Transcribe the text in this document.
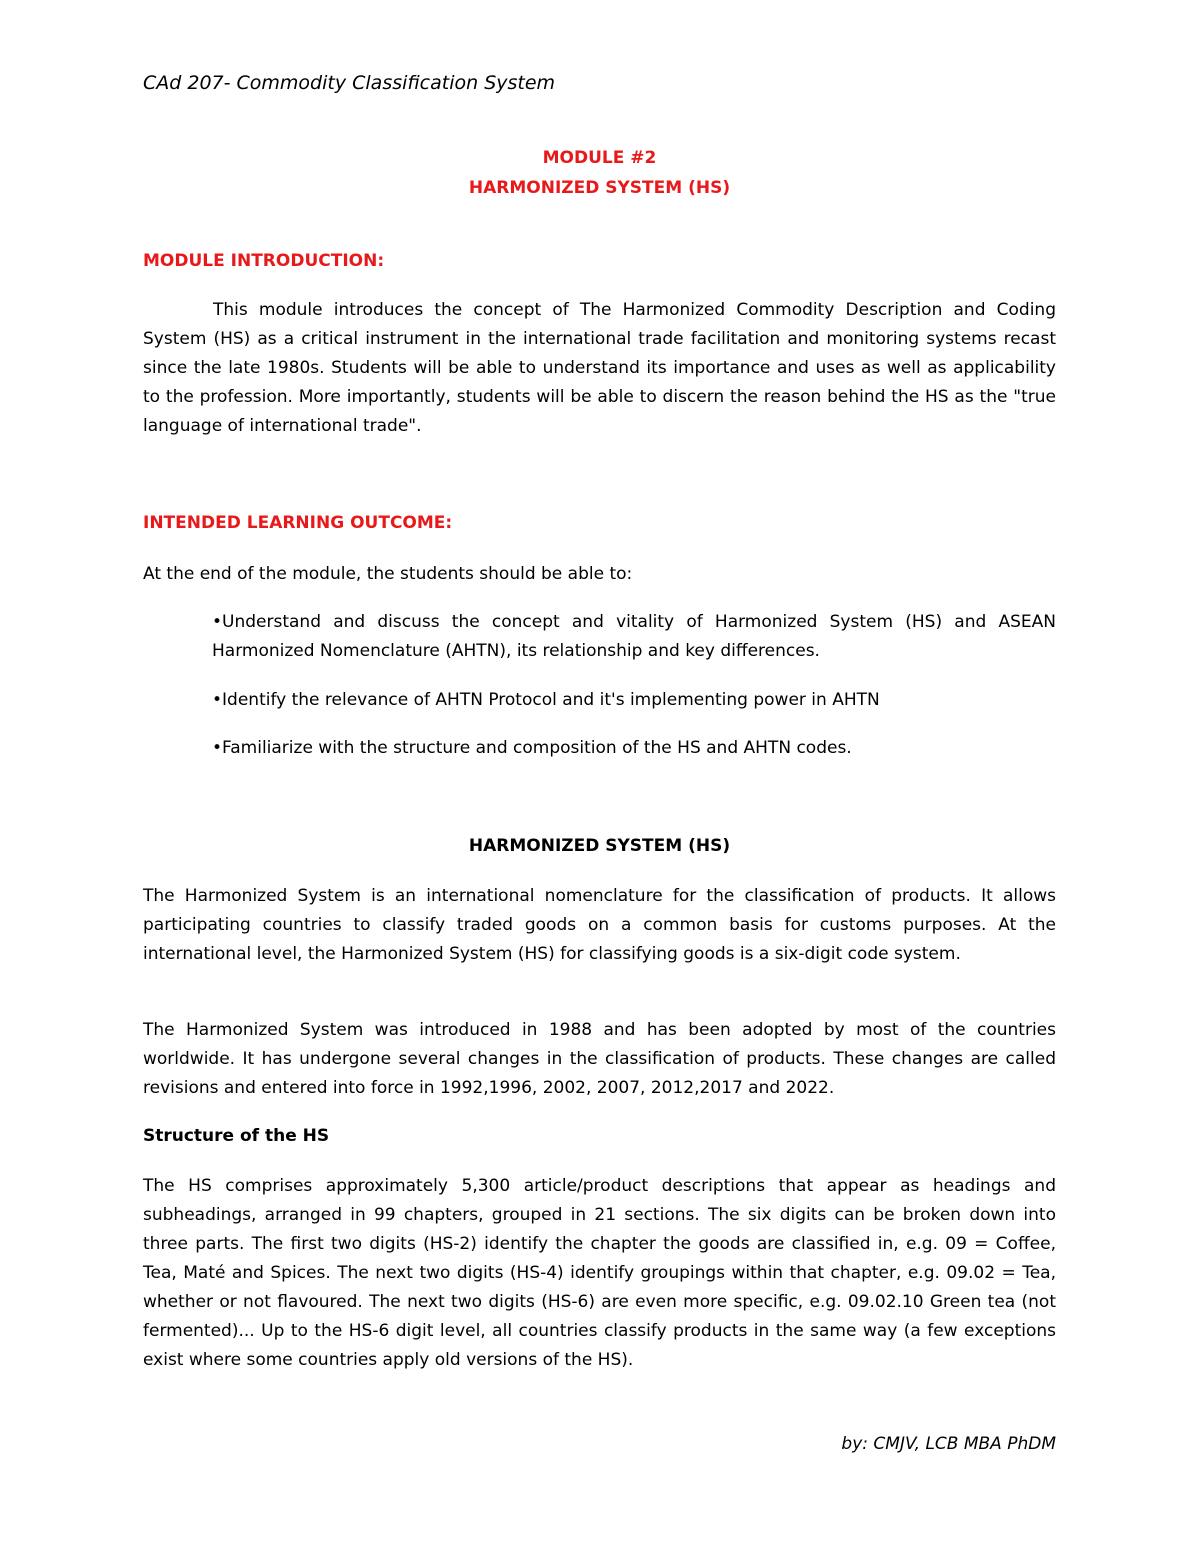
CAd 207- Commodity Classification System
MODULE #2
HARMONIZED SYSTEM (HS)
MODULE INTRODUCTION:

This module introduces the concept of The Harmonized Commodity Description and Coding System (HS) as a critical instrument in the international trade facilitation and monitoring systems recast since the late 1980s. Students will be able to understand its importance and uses as well as applicability to the profession. More importantly, students will be able to discern the reason behind the HS as the "true language of international trade".

INTENDED LEARNING OUTCOME:

At the end of the module, the students should be able to:

•Understand and discuss the concept and vitality of Harmonized System (HS) and ASEAN Harmonized Nomenclature (AHTN), its relationship and key differences.

•Identify the relevance of AHTN Protocol and it's implementing power in AHTN

•Familiarize with the structure and composition of the HS and AHTN codes.

HARMONIZED SYSTEM (HS)

The Harmonized System is an international nomenclature for the classification of products. It allows participating countries to classify traded goods on a common basis for customs purposes. At the international level, the Harmonized System (HS) for classifying goods is a six-digit code system.

The Harmonized System was introduced in 1988 and has been adopted by most of the countries worldwide. It has undergone several changes in the classification of products. These changes are called revisions and entered into force in 1992,1996, 2002, 2007, 2012,2017 and 2022.

Structure of the HS

The HS comprises approximately 5,300 article/product descriptions that appear as headings and subheadings, arranged in 99 chapters, grouped in 21 sections. The six digits can be broken down into three parts. The first two digits (HS-2) identify the chapter the goods are classified in, e.g. 09 = Coffee, Tea, Maté and Spices. The next two digits (HS-4) identify groupings within that chapter, e.g. 09.02 = Tea, whether or not flavoured. The next two digits (HS-6) are even more specific, e.g. 09.02.10 Green tea (not fermented)... Up to the HS-6 digit level, all countries classify products in the same way (a few exceptions exist where some countries apply old versions of the HS).

by: CMJV, LCB MBA PhDM
